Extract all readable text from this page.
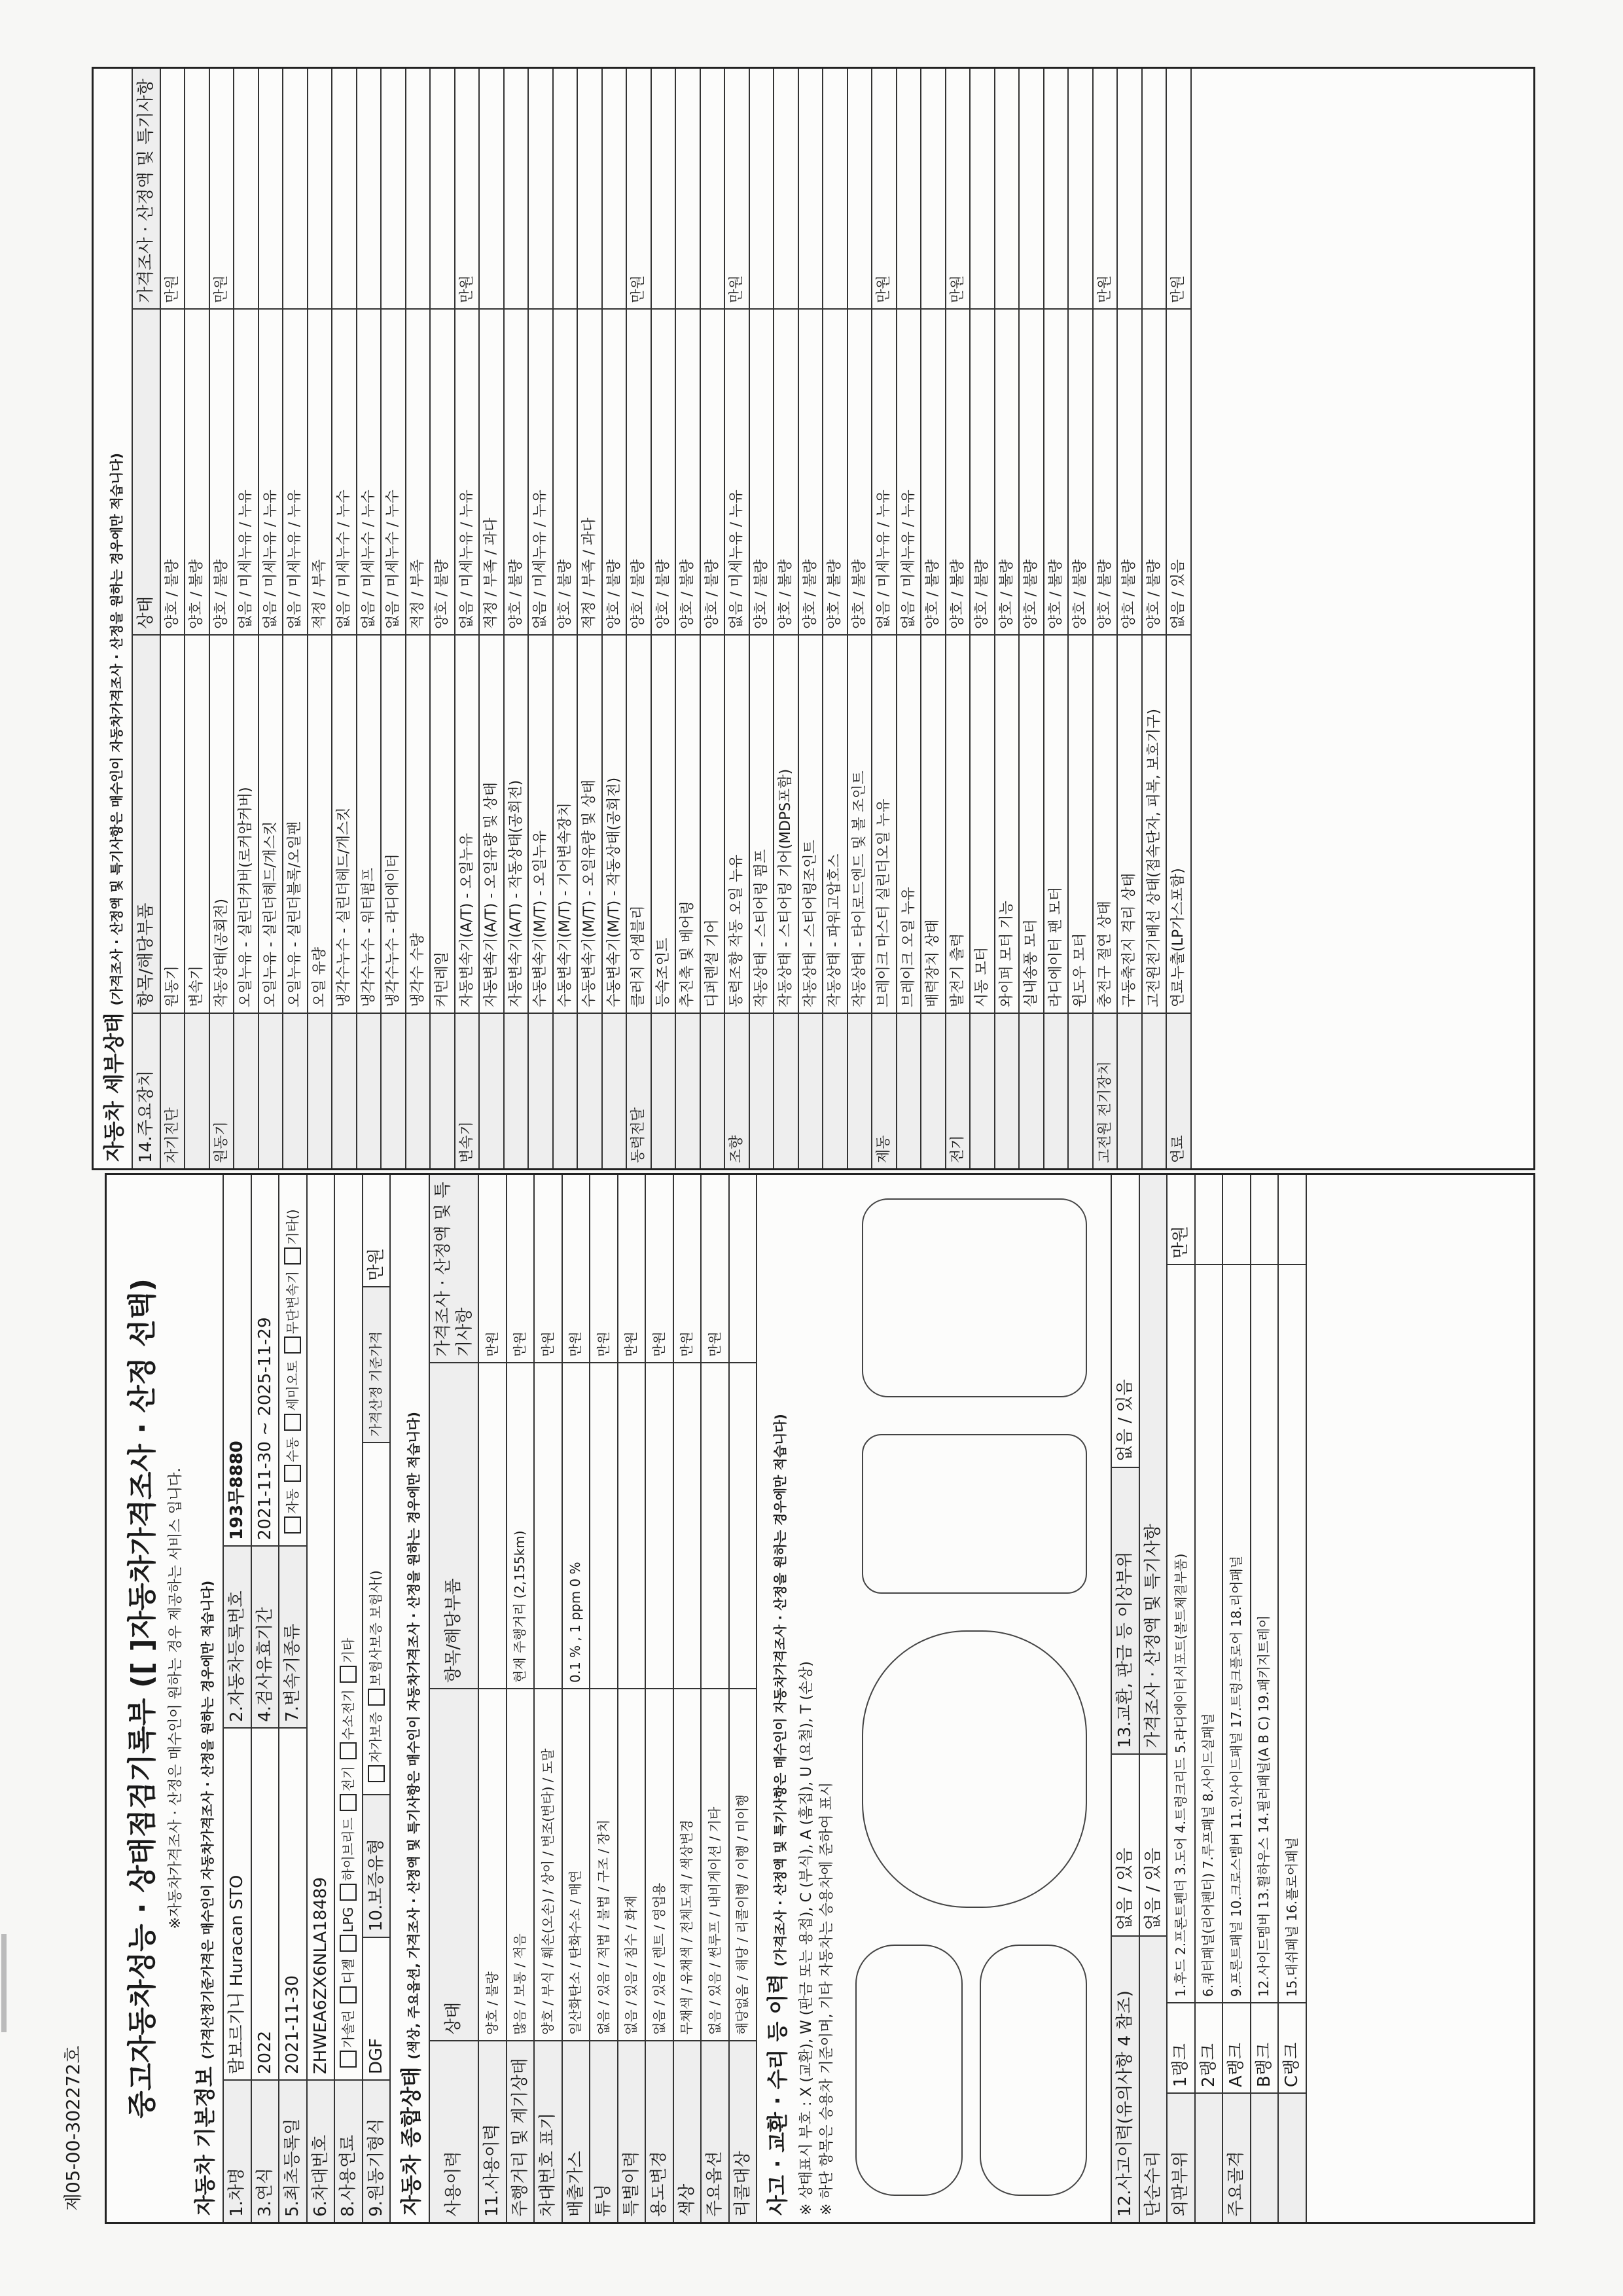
제05-00-302272호
중고자동차성능 · 상태점검기록부 ([ ]자동차가격조사 · 산정 선택) ※자동차가격조사 · 산정은 매수인이 원하는 경우 제공하는 서비스 입니다.
자동차 기본정보 (가격산정기준가격은 매수인이 자동차가격조사 · 산정을 원하는 경우에만 적습니다)
1.차명
람보르기니 Huracan STO
2.자동차등록번호
193무8880
3.연식
2022
4.검사유효기간
2021-11-30 ~ 2025-11-29
5.최초등록일
2021-11-30
7.변속기종류
자동
수동
세미오토
무단변속기
기타()
6.차대번호
ZHWEA6ZX6NLA18489
8.사용연료
가솔린
디젤
LPG
하이브리드
전기
수소전기
기타
9.원동기형식
DGF
10.보증유형
자가보증
보험사보증 보험사()
가격산정 기준가격
만원
자동차 종합상태 (색상, 주요옵션, 가격조사 · 산정액 및 특기사항은 매수인이 자동차가격조사 · 산정을 원하는 경우에만 적습니다)
사용이력
상태
항목/해당부품
가격조사 · 산정액 및 특기사항
11.사용이력
양호 / 불량
만원
주행거리 및 계기상태
많음 / 보통 / 적음
현재 주행거리 (2,155km)
만원
차대번호 표기
양호 / 부식 / 훼손(오손) / 상이 / 변조(변타) / 도말
만원
배출가스
일산화탄소 / 탄화수소 / 매연
0.1 % , 1 ppm 0 %
만원
튜닝
없음 / 있음 / 적법 / 불법 / 구조 / 장치
만원
특별이력
없음 / 있음 / 침수 / 화재
만원
용도변경
없음 / 있음 / 렌트 / 영업용
만원
색상
무채색 / 유채색 / 전체도색 / 색상변경
만원
주요옵션
없음 / 있음 / 썬루프 / 내비게이션 / 기타
만원
리콜대상
해당없음 / 해당 / 리콜이행 / 이행 / 미이행
사고 · 교환 · 수리 등 이력 (가격조사 · 산정액 및 특기사항은 매수인이 자동차가격조사 · 산정을 원하는 경우에만 적습니다) ※ 상태표시 부호 : X (교환), W (판금 또는 용접), C (부식), A (흠집), U (요철), T (손상) ※ 하단 항목은 승용차 기준이며, 기타 자동차는 승용차에 준하여 표시	12.사고이력(유의사항 4 참조)
없음 / 있음
13.교환, 판금 등 이상부위
없음 / 있음
단순수리
없음 / 있음
가격조사 · 산정액 및 특기사항
외판부위
1랭크
1.후드 2.프론트펜더 3.도어 4.트렁크리드 5.라디에이터서포트(볼트체결부품)
만원
2랭크
6.쿼터패널(리어펜더) 7.루프패널 8.사이드실패널
주요골격
A랭크
9.프론트패널 10.크로스멤버 11.인사이드패널 17.트렁크플로어 18.리어패널
B랭크
12.사이드멤버 13.휠하우스 14.필러패널(A B C) 19.패키지트레이
C랭크
15.대쉬패널 16.플로어패널
자동차 세부상태 (가격조사 · 산정액 및 특기사항은 매수인이 자동차가격조사 · 산정을 원하는 경우에만 적습니다)
14.주요장치
항목/해당부품
상태
가격조사 · 산정액 및 특기사항
자기진단
원동기
양호 / 불량
만원
변속기
양호 / 불량
원동기
작동상태(공회전)
양호 / 불량
만원
오일누유 - 실린더커버(로커암커버)
없음 / 미세누유 / 누유
오일누유 - 실린더헤드/개스킷
없음 / 미세누유 / 누유
오일누유 - 실린더블록/오일팬
없음 / 미세누유 / 누유
오일 유량
적정 / 부족
냉각수누수 - 실린더헤드/개스킷
없음 / 미세누수 / 누수
냉각수누수 - 워터펌프
없음 / 미세누수 / 누수
냉각수누수 - 라디에이터
없음 / 미세누수 / 누수
냉각수 수량
적정 / 부족
커먼레일
양호 / 불량
변속기
자동변속기(A/T) - 오일누유
없음 / 미세누유 / 누유
만원
자동변속기(A/T) - 오일유량 및 상태
적정 / 부족 / 과다
자동변속기(A/T) - 작동상태(공회전)
양호 / 불량
수동변속기(M/T) - 오일누유
없음 / 미세누유 / 누유
수동변속기(M/T) - 기어변속장치
양호 / 불량
수동변속기(M/T) - 오일유량 및 상태
적정 / 부족 / 과다
수동변속기(M/T) - 작동상태(공회전)
양호 / 불량
동력전달
클러치 어셈블리
양호 / 불량
만원
등속조인트
양호 / 불량
추진축 및 베어링
양호 / 불량
디퍼렌셜 기어
양호 / 불량
조향
동력조향 작동 오일 누유
없음 / 미세누유 / 누유
만원
작동상태 - 스티어링 펌프
양호 / 불량
작동상태 - 스티어링 기어(MDPS포함)
양호 / 불량
작동상태 - 스티어링조인트
양호 / 불량
작동상태 - 파워고압호스
양호 / 불량
작동상태 - 타이로드엔드 및 볼 조인트
양호 / 불량
제동
브레이크 마스터 실린더오일 누유
없음 / 미세누유 / 누유
만원
브레이크 오일 누유
없음 / 미세누유 / 누유
배력장치 상태
양호 / 불량
전기
발전기 출력
양호 / 불량
만원
시동 모터
양호 / 불량
와이퍼 모터 기능
양호 / 불량
실내송풍 모터
양호 / 불량
라디에이터 팬 모터
양호 / 불량
윈도우 모터
양호 / 불량
고전원 전기장치
충전구 절연 상태
양호 / 불량
만원
구동축전지 격리 상태
양호 / 불량
고전원전기배선 상태(접속단자, 피복, 보호기구)
양호 / 불량
연료
연료누출(LP가스포함)
없음 / 있음
만원
